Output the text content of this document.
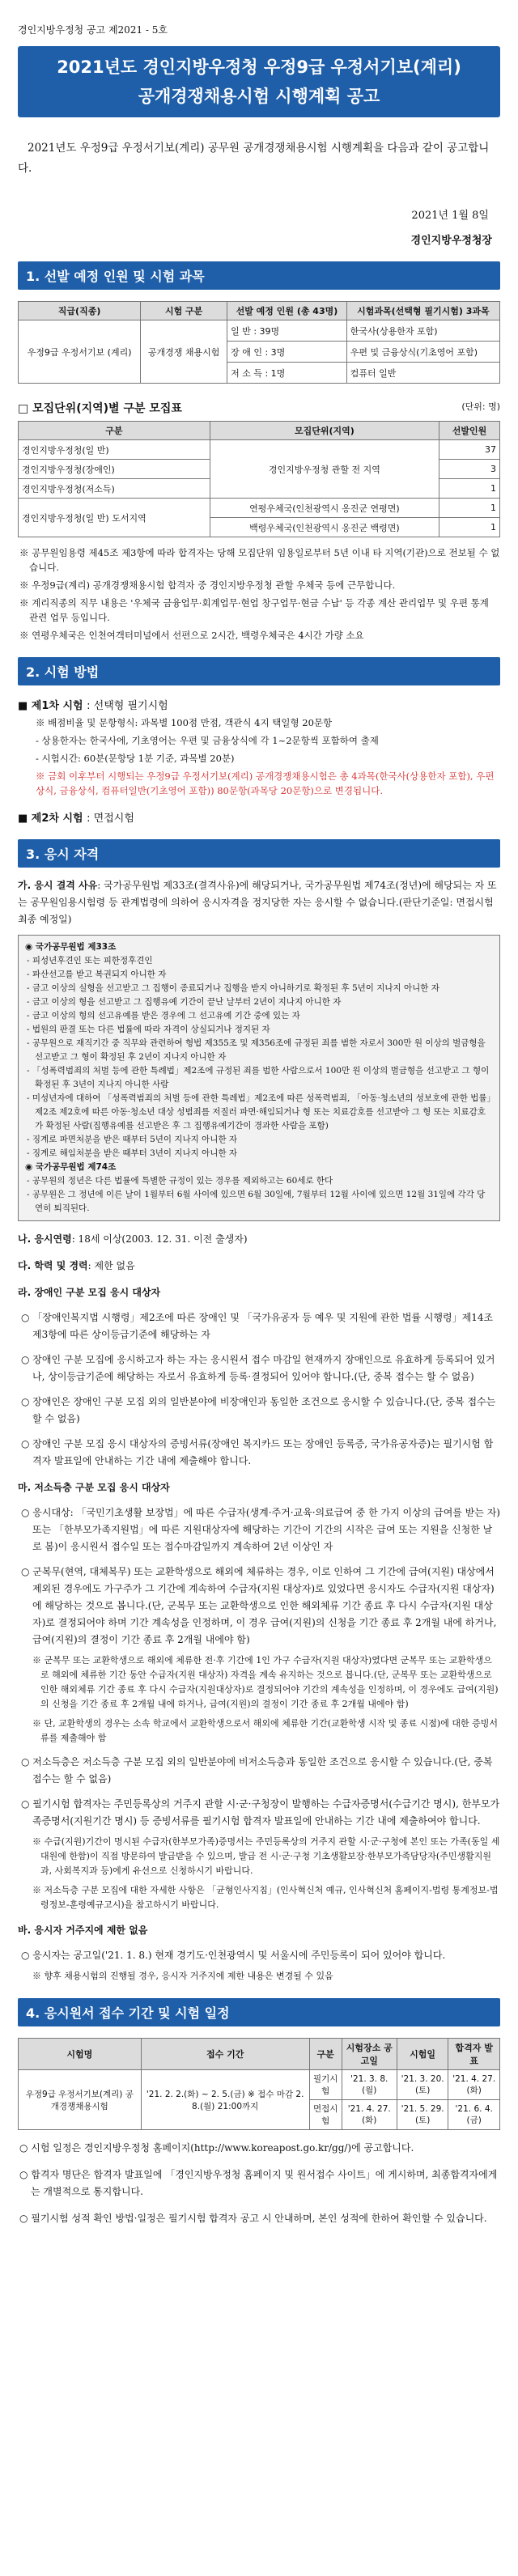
경인지방우정청 공고 제2021 - 5호
2021년도 경인지방우정청 우정9급 우정서기보(계리)
공개경쟁채용시험 시행계획 공고
2021년도 우정9급 우정서기보(계리) 공무원 공개경쟁채용시험 시행계획을 다음과 같이 공고합니다.
2021년 1월 8일
경인지방우정청장
1. 선발 예정 인원 및 시험 과목
직급(직종)	시험 구분	선발 예정 인원 (총 43명)	시험과목(선택형 필기시험) 3과목
우정9급 우정서기보 (계리)	공개경쟁 채용시험	일 반 : 39명	한국사(상용한자 포함)
		장 애 인 : 3명	우편 및 금융상식(기초영어 포함)
		저 소 득 : 1명	컴퓨터 일반
□ 모집단위(지역)별 구분 모집표	(단위: 명)
구분	모집단위(지역)	선발인원
경인지방우정청(일 반)	경인지방우정청 관할 전 지역	37
경인지방우정청(장애인)		3
경인지방우정청(저소득)		1
경인지방우정청(일 반) 도서지역	연평우체국(인천광역시 옹진군 연평면)	1
	백령우체국(인천광역시 옹진군 백령면)	1
※ 공무원임용령 제45조 제3항에 따라 합격자는 당해 모집단위 임용일로부터 5년 이내 타 지역(기관)으로 전보될 수 없습니다.
※ 우정9급(계리) 공개경쟁채용시험 합격자 중 경인지방우정청 관할 우체국 등에 근무합니다.
※ 계리직종의 직무 내용은 '우체국 금융업무·회계업무·현업 창구업무·현금 수납' 등 각종 계산 관리업무 및 우편 통계 관련 업무 등입니다.
※ 연평우체국은 인천여객터미널에서 선편으로 2시간, 백령우체국은 4시간 가량 소요
2. 시험 방법
■ 제1차 시험 : 선택형 필기시험
※ 배점비율 및 문항형식: 과목별 100점 만점, 객관식 4지 택일형 20문항
- 상용한자는 한국사에, 기초영어는 우편 및 금융상식에 각 1~2문항씩 포함하여 출제
- 시험시간: 60분(문항당 1분 기준, 과목별 20분)
※ 금회 이후부터 시행되는 우정9급 우정서기보(계리) 공개경쟁채용시험은 총 4과목(한국사(상용한자 포함), 우편상식, 금융상식, 컴퓨터일반(기초영어 포함)) 80문항(과목당 20문항)으로 변경됩니다.
■ 제2차 시험 : 면접시험
3. 응시 자격
가. 응시 결격 사유: 국가공무원법 제33조(결격사유)에 해당되거나, 국가공무원법 제74조(정년)에 해당되는 자 또는 공무원임용시험령 등 관계법령에 의하여 응시자격을 정지당한 자는 응시할 수 없습니다.(판단기준일: 면접시험 최종 예정일)
◉ 국가공무원법 제33조
- 피성년후견인 또는 피한정후견인
- 파산선고를 받고 복권되지 아니한 자
- 금고 이상의 실형을 선고받고 그 집행이 종료되거나 집행을 받지 아니하기로 확정된 후 5년이 지나지 아니한 자
- 금고 이상의 형을 선고받고 그 집행유예 기간이 끝난 날부터 2년이 지나지 아니한 자
- 금고 이상의 형의 선고유예를 받은 경우에 그 선고유예 기간 중에 있는 자
- 법원의 판결 또는 다른 법률에 따라 자격이 상실되거나 정지된 자
- 공무원으로 재직기간 중 직무와 관련하여 형법 제355조 및 제356조에 규정된 죄를 범한 자로서 300만 원 이상의 벌금형을 선고받고 그 형이 확정된 후 2년이 지나지 아니한 자
- 「성폭력범죄의 처벌 등에 관한 특례법」제2조에 규정된 죄를 범한 사람으로서 100만 원 이상의 벌금형을 선고받고 그 형이 확정된 후 3년이 지나지 아니한 사람
- 미성년자에 대하여 「성폭력범죄의 처벌 등에 관한 특례법」제2조에 따른 성폭력범죄, 「아동·청소년의 성보호에 관한 법률」제2조 제2호에 따른 아동·청소년 대상 성범죄를 저질러 파면·해임되거나 형 또는 치료감호를 선고받아 그 형 또는 치료감호가 확정된 사람(집행유예를 선고받은 후 그 집행유예기간이 경과한 사람을 포함)
- 징계로 파면처분을 받은 때부터 5년이 지나지 아니한 자
- 징계로 해임처분을 받은 때부터 3년이 지나지 아니한 자
◉ 국가공무원법 제74조
- 공무원의 정년은 다른 법률에 특별한 규정이 있는 경우를 제외하고는 60세로 한다
- 공무원은 그 정년에 이른 날이 1월부터 6월 사이에 있으면 6월 30일에, 7월부터 12월 사이에 있으면 12월 31일에 각각 당연히 퇴직된다.
나. 응시연령: 18세 이상(2003. 12. 31. 이전 출생자)
다. 학력 및 경력: 제한 없음
라. 장애인 구분 모집 응시 대상자
○ 「장애인복지법 시행령」제2조에 따른 장애인 및 「국가유공자 등 예우 및 지원에 관한 법률 시행령」제14조 제3항에 따른 상이등급기준에 해당하는 자
○ 장애인 구분 모집에 응시하고자 하는 자는 응시원서 접수 마감일 현재까지 장애인으로 유효하게 등록되어 있거나, 상이등급기준에 해당하는 자로서 유효하게 등록·결정되어 있어야 합니다.(단, 중복 접수는 할 수 없음)
○ 장애인은 장애인 구분 모집 외의 일반분야에 비장애인과 동일한 조건으로 응시할 수 있습니다.(단, 중복 접수는 할 수 없음)
○ 장애인 구분 모집 응시 대상자의 증빙서류(장애인 복지카드 또는 장애인 등록증, 국가유공자증)는 필기시험 합격자 발표일에 안내하는 기간 내에 제출해야 합니다.
마. 저소득층 구분 모집 응시 대상자
○ 응시대상: 「국민기초생활 보장법」에 따른 수급자(생계·주거·교육·의료급여 중 한 가지 이상의 급여를 받는 자) 또는 「한부모가족지원법」에 따른 지원대상자에 해당하는 기간이 기간의 시작은 급여 또는 지원을 신청한 날로 봄)이 응시원서 접수일 또는 접수마감일까지 계속하여 2년 이상인 자
○ 군복무(현역, 대체복무) 또는 교환학생으로 해외에 체류하는 경우, 이로 인하여 그 기간에 급여(지원) 대상에서 제외된 경우에도 가구주가 그 기간에 계속하여 수급자(지원 대상자)로 있었다면 응시자도 수급자(지원 대상자)에 해당하는 것으로 봅니다.(단, 군복무 또는 교환학생으로 인한 해외체류 기간 종료 후 다시 수급자(지원 대상자)로 결정되어야 하며 기간 계속성을 인정하며, 이 경우 급여(지원)의 신청을 기간 종료 후 2개월 내에 하거나, 급여(지원)의 결정이 기간 종료 후 2개월 내에야 함)
※ 군복무 또는 교환학생으로 해외에 체류한 전·후 기간에 1인 가구 수급자(지원 대상자)였다면 군복무 또는 교환학생으로 해외에 체류한 기간 동안 수급자(지원 대상자) 자격을 계속 유지하는 것으로 봅니다.(단, 군복무 또는 교환학생으로 인한 해외체류 기간 종료 후 다시 수급자(지원대상자)로 결정되어야 기간의 계속성을 인정하며, 이 경우에도 급여(지원)의 신청을 기간 종료 후 2개월 내에 하거나, 급여(지원)의 결정이 기간 종료 후 2개월 내에야 함)
※ 단, 교환학생의 경우는 소속 학교에서 교환학생으로서 해외에 체류한 기간(교환학생 시작 및 종료 시점)에 대한 증빙서류를 제출해야 함
○ 저소득층은 저소득층 구분 모집 외의 일반분야에 비저소득층과 동일한 조건으로 응시할 수 있습니다.(단, 중복 접수는 할 수 없음)
○ 필기시험 합격자는 주민등록상의 거주지 관할 시·군·구청장이 발행하는 수급자증명서(수급기간 명시), 한부모가족증명서(지원기간 명시) 등 증빙서류를 필기시험 합격자 발표일에 안내하는 기간 내에 제출하여야 합니다.
※ 수급(지원)기간이 명시된 수급자(한부모가족)증명서는 주민등록상의 거주지 관할 시·군·구청에 본인 또는 가족(동일 세대원에 한함)이 직접 방문하여 발급받을 수 있으며, 발급 전 시·군·구청 기초생활보장·한부모가족담당자(주민생활지원과, 사회복지과 등)에게 유선으로 신청하시기 바랍니다.
※ 저소득층 구분 모집에 대한 자세한 사항은 「균형인사지침」(인사혁신처 예규, 인사혁신처 홈페이지-법령 통계정보-법령정보-훈령예규고시)을 참고하시기 바랍니다.
바. 응시자 거주지에 제한 없음
○ 응시자는 공고일('21. 1. 8.) 현재 경기도·인천광역시 및 서울시에 주민등록이 되어 있어야 합니다.
※ 향후 채용시험의 진행될 경우, 응시자 거주지에 제한 내용은 변경될 수 있음
4. 응시원서 접수 기간 및 시험 일정
시험명	접수 기간	구분	시험장소 공고일	시험일	합격자 발표
우정9급 우정서기보(계리) 공개경쟁채용시험	'21. 2. 2.(화) ~ 2. 5.(금) ※ 접수 마감 2. 8.(월) 21:00까지	필기시험	'21. 3. 8.(월)	'21. 3. 20.(토)	'21. 4. 27.(화)
		면접시험	'21. 4. 27.(화)	'21. 5. 29.(토)	'21. 6. 4.(금)
○ 시험 일정은 경인지방우정청 홈페이지(http://www.koreapost.go.kr/gg/)에 공고합니다.
○ 합격자 명단은 합격자 발표일에 「경인지방우정청 홈페이지 및 원서접수 사이트」에 게시하며, 최종합격자에게는 개별적으로 통지합니다.
○ 필기시험 성적 확인 방법·일정은 필기시험 합격자 공고 시 안내하며, 본인 성적에 한하여 확인할 수 있습니다.
